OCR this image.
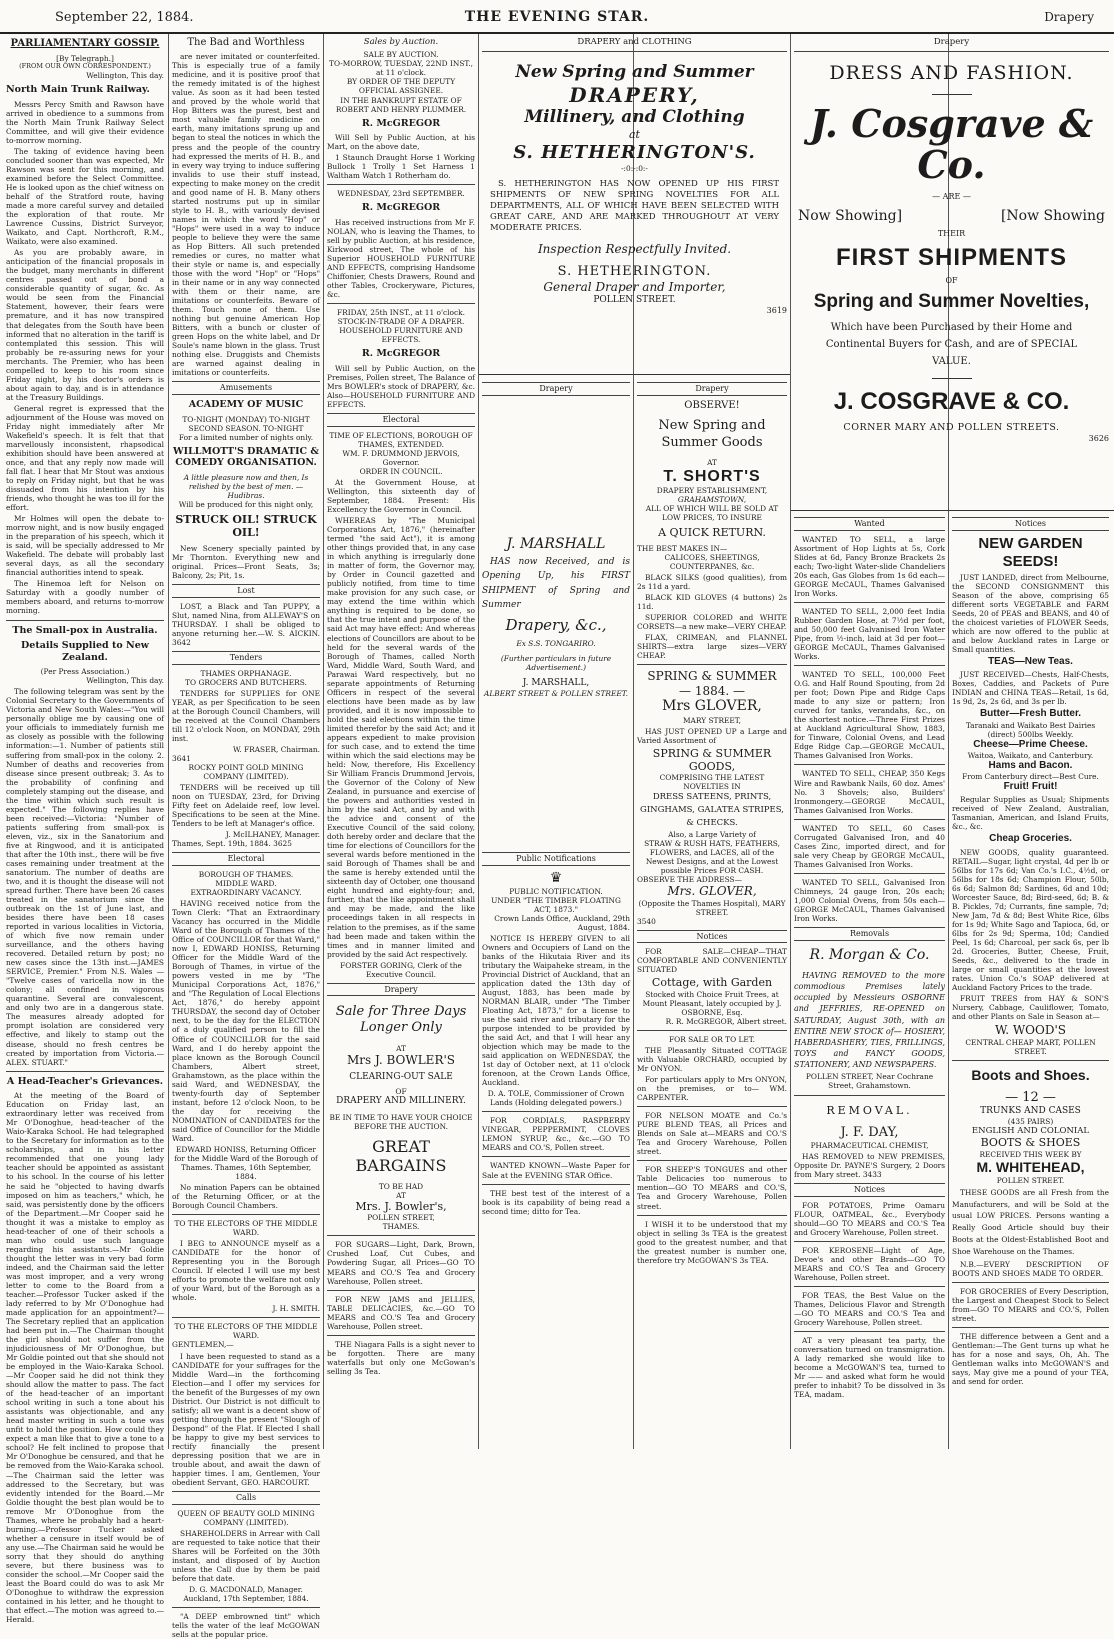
September 22, 1884.	THE EVENING STAR.	Drapery
PARLIAMENTARY GOSSIP.
[By Telegraph.]
(FROM OUR OWN CORRESPONDENT.)
Wellington, This day.
North Main Trunk Railway.

Messrs Percy Smith and Rawson have arrived in obedience to a summons from the North Main Trunk Railway Select Committee, and will give their evidence to-morrow morning.

The taking of evidence having been concluded sooner than was expected, Mr Rawson was sent for this morning, and examined before the Select Committee. He is looked upon as the chief witness on behalf of the Stratford route, having made a more careful survey and detailed the exploration of that route. Mr Lawrence Cussins, District Surveyor, Waikato, and Capt. Northcroft, R.M., Waikato, were also examined.

As you are probably aware, in anticipation of the financial proposals in the budget, many merchants in different centres passed out of bond a considerable quantity of sugar, &c. As would be seen from the Financial Statement, however, their fears were premature, and it has now transpired that delegates from the South have been informed that no alteration in the tariff is contemplated this session. This will probably be re-assuring news for your merchants. The Premier, who has been compelled to keep to his room since Friday night, by his doctor's orders is about again to day, and is in attendance at the Treasury Buildings.

General regret is expressed that the adjournment of the House was moved on Friday night immediately after Mr Wakefield's speech. It is felt that that marvellously inconsistent, rhapsodical exhibition should have been answered at once, and that any reply now made will fall flat. I hear that Mr Stout was anxious to reply on Friday night, but that he was dissuaded from his intention by his friends, who thought he was too ill for the effort.

Mr Holmes will open the debate to-morrow night, and is now busily engaged in the preparation of his speech, which it is said, will be specially addressed to Mr Wakefield. The debate will probably last several days, as all the secondary financial authorities intend to speak.

The Hinemoa left for Nelson on Saturday with a goodly number of members aboard, and returns to-morrow morning.

The Small-pox in Australia.
Details Supplied to New Zealand.
(Per Press Association.)
Wellington, This day.

The following telegram was sent by the Colonial Secretary to the Governments of Victoria and New South Wales:—"You will personally oblige me by causing one of your officials to immediately furnish me as closely as possible with the following information:—1. Number of patients still suffering from small-pox in the colony. 2. Number of deaths and recoveries from disease since present outbreak; 3. As to the probability of confining and completely stamping out the disease, and the time within which such result is expected." The following replies have been received:—Victoria: "Number of patients suffering from small-pox is eleven, viz., six in the Sanatorium and five at Ringwood, and it is anticipated that after the 10th inst., there will be five cases remaining under treatment at the sanatorium. The number of deaths are two, and it is thought the disease will not spread further. There have been 26 cases treated in the sanatorium since the outbreak on the 1st of June last, and besides there have been 18 cases reported in various localities in Victoria, of which five now remain under surveillance, and the others having recovered. Detailed return by post; no new cases since the 13th inst.—JAMES SERVICE, Premier." From N.S. Wales — "Twelve cases of varicella now in the colony; all confined in vigorous quarantine. Several are convalescent, and only two are in a dangerous state. The measures already adopted for prompt isolation are considered very effective, and likely to stamp out the disease, should no fresh centres be created by importation from Victoria.—ALEX. STUART."

A Head-Teacher's Grievances.

At the meeting of the Board of Education on Friday last, an extraordinary letter was received from Mr O'Donoghue, head-teacher of the Waio-Karaka School. He had telegraphed to the Secretary for information as to the scholarships, and in his letter recommended that one young lady teacher should be appointed as assistant to his school. In the course of his letter he said he "objected to having dwarfs imposed on him as teachers," which, he said, was persistently done by the officers of the Department.—Mr Cooper said he thought it was a mistake to employ as head-teacher of one of their schools a man who could use such language regarding his assistants.—Mr Goldie thought the letter was in very bad form indeed, and the Chairman said the letter was most improper, and a very wrong letter to come to the Board from a teacher.—Professor Tucker asked if the lady referred to by Mr O'Donoghue had made application for an appointment?—The Secretary replied that an application had been put in.—The Chairman thought the girl should not suffer from the injudiciousness of Mr O'Donoghue, but Mr Goldie pointed out that she should not be employed in the Waio-Karaka School.—Mr Cooper said he did not think they should allow the matter to pass. The fact of the head-teacher of an important school writing in such a tone about his assistants was objectionable, and any head master writing in such a tone was unfit to hold the position. How could they expect a man like that to give a tone to a school? He felt inclined to propose that Mr O'Donoghue be censured, and that he be removed from the Waio-Karaka school.—The Chairman said the letter was addressed to the Secretary, but was evidently intended for the Board.—Mr Goldie thought the best plan would be to remove Mr O'Donoghue from the Thames, where he probably had a heart-burning.—Professor Tucker asked whether a censure in itself would be of any use.—The Chairman said he would be sorry that they should do anything severe, but there business was to consider the school.—Mr Cooper said the least the Board could do was to ask Mr O'Donoghue to withdraw the expression contained in his letter, and he thought to that effect.—The motion was agreed to.—Herald.

The Bad and Worthless

are never imitated or counterfeited. This is especially true of a family medicine, and it is positive proof that the remedy imitated is of the highest value. As soon as it had been tested and proved by the whole world that Hop Bitters was the purest, best and most valuable family medicine on earth, many imitations sprung up and began to steal the notices in which the press and the people of the country had expressed the merits of H. B., and in every way trying to induce suffering invalids to use their stuff instead, expecting to make money on the credit and good name of H. B. Many others started nostrums put up in similar style to H. B., with variously devised names in which the word "Hop" or "Hops" were used in a way to induce people to believe they were the same as Hop Bitters. All such pretended remedies or cures, no matter what their style or name is, and especially those with the word "Hop" or "Hops" in their name or in any way connected with them or their name, are imitations or counterfeits. Beware of them. Touch none of them. Use nothing but genuine American Hop Bitters, with a bunch or cluster of green Hops on the white label, and Dr Soule's name blown in the glass. Trust nothing else. Druggists and Chemists are warned against dealing in imitations or counterfeits.

Amusements
ACADEMY OF MUSIC
TO-NIGHT (MONDAY) TO-NIGHT SECOND SEASON. TO-NIGHT
For a limited number of nights only.
WILLMOTT'S DRAMATIC & COMEDY ORGANISATION.
A little pleasure now and then, Is relished by the best of men. —Hudibras.
Will be produced for this night only,
STRUCK OIL! STRUCK OIL!

New Scenery specially painted by Mr Thornton. Everything new and original. Prices—Front Seats, 3s; Balcony, 2s; Pit, 1s.

Lost

LOST, a Black and Tan PUPPY, a Slut, named Nina, from ALLEWAY'S on THURSDAY. I shall be obliged to anyone returning her.—W. S. AICKIN. 3642

Tenders
THAMES ORPHANAGE.
TO GROCERS AND BUTCHERS.

TENDERS for SUPPLIES for ONE YEAR, as per Specification to be seen at the Borough Council Chambers, will be received at the Council Chambers till 12 o'clock Noon, on MONDAY, 29th inst.

W. FRASER, Chairman.
3641
ROCKY POINT GOLD MINING COMPANY (LIMITED).

TENDERS will be received up till noon on TUESDAY, 23rd, for Driving Fifty feet on Adelaide reef, low level. Specifications to be seen at the Mine. Tenders to be left at Manager's office.

J. McILHANEY, Manager.
Thames, Sept. 19th, 1884. 3625
Electoral
BOROUGH OF THAMES.
MIDDLE WARD.
EXTRAORDINARY VACANCY.

HAVING received notice from the Town Clerk: "That an Extraordinary Vacancy has occurred in the Middle Ward of the Borough of Thames of the Office of COUNCILLOR for that Ward," now I, EDWARD HONISS, Returning Officer for the Middle Ward of the Borough of Thames, in virtue of the powers vested in me by "The Municipal Corporations Act, 1876," and "The Regulation of Local Elections Act, 1876," do hereby appoint THURSDAY, the second day of October next, to be the day for the ELECTION of a duly qualified person to fill the Office of COUNCILLOR for the said Ward, and I do hereby appoint the place known as the Borough Council Chambers, Albert street, Grahamstown, as the place within the said Ward, and WEDNESDAY, the twenty-fourth day of September instant, before 12 o'clock Noon, to be the day for receiving the NOMINATION of CANDIDATES for the said Office of Councillor for the Middle Ward.

EDWARD HONISS, Returning Officer for the Middle Ward of the Borough of Thames. Thames, 16th September, 1884.

No mination Papers can be obtained of the Returning Officer, or at the Borough Council Chambers.

TO THE ELECTORS OF THE MIDDLE WARD.

I BEG to ANNOUNCE myself as a CANDIDATE for the honor of Representing you in the Borough Council. If elected I will use my best efforts to promote the welfare not only of your Ward, but of the Borough as a whole.

J. H. SMITH.
TO THE ELECTORS OF THE MIDDLE WARD.
GENTLEMEN,—

I have been requested to stand as a CANDIDATE for your suffrages for the Middle Ward—in the forthcoming Election—and I offer my services for the benefit of the Burgesses of my own District. Our District is not difficult to satisfy; all we want is a decent show of getting through the present "Slough of Despond" of the Flat. If Elected I shall be happy to give my best services to rectify financially the present depressing position that we are in trouble about, and await the dawn of happier times. I am, Gentlemen, Your obedient Servant, GEO. HARCOURT.

Calls
QUEEN OF BEAUTY GOLD MINING COMPANY (LIMITED).

SHAREHOLDERS in Arrear with Call are requested to take notice that their Shares will be Forfeited on the 30th instant, and disposed of by Auction unless the Call due by them be paid before that date.

D. G. MACDONALD, Manager. Auckland, 17th September, 1884.

"A DEEP embrowned tint" which tells the water of the leaf McGOWAN sells at the popular price.

Sales by Auction.
SALE BY AUCTION.
TO-MORROW, TUESDAY, 22ND INST., at 11 o'clock.
BY ORDER OF THE DEPUTY OFFICIAL ASSIGNEE.
IN THE BANKRUPT ESTATE OF ROBERT AND HENRY PLUMMER.
R. McGREGOR

Will Sell by Public Auction, at his Mart, on the above date,

1 Staunch Draught Horse 1 Working Bullock 1 Trolly 1 Set Harness 1 Waltham Watch 1 Rotherham do.

WEDNESDAY, 23rd SEPTEMBER.
R. McGREGOR

Has received instructions from Mr F. NOLAN, who is leaving the Thames, to sell by public Auction, at his residence, Kirkwood street, The whole of his Superior HOUSEHOLD FURNITURE AND EFFECTS, comprising Handsome Chiffonier, Chests Drawers, Round and other Tables, Crockeryware, Pictures, &c.

FRIDAY, 25th INST., at 11 o'clock.
STOCK-IN-TRADE OF A DRAPER.
HOUSEHOLD FURNITURE AND EFFECTS.
R. McGREGOR

Will sell by Public Auction, on the Premises, Pollen street, The Balance of Mrs BOWLER's stock of DRAPERY, &c. Also—HOUSEHOLD FURNITURE AND EFFECTS.

Electoral
TIME OF ELECTIONS, BOROUGH OF THAMES, EXTENDED.
WM. F. DRUMMOND JERVOIS, Governor.
ORDER IN COUNCIL.

At the Government House, at Wellington, this sixteenth day of September, 1884. Present: His Excellency the Governor in Council.

WHEREAS by "The Municipal Corporations Act, 1876," (hereinafter termed "the said Act"), it is among other things provided that, in any case in which anything is irregularly done in matter of form, the Governor may, by Order in Council gazetted and publicly notified, from time to time make provision for any such case, or may extend the time within which anything is required to be done, so that the true intent and purpose of the said Act may have effect: And whereas elections of Councillors are about to be held for the several wards of the Borough of Thames, called North Ward, Middle Ward, South Ward, and Parawai Ward respectively, but no separate appointments of Returning Officers in respect of the several elections have been made as by law provided, and it is now impossible to hold the said elections within the time limited therefor by the said Act; and it appears expedient to make provision for such case, and to extend the time within which the said elections may be held: Now, therefore, His Excellency Sir William Francis Drummond Jervois, the Governor of the Colony of New Zealand, in pursuance and exercise of the powers and authorities vested in him by the said Act, and by and with the advice and consent of the Executive Council of the said colony, doth hereby order and declare that the time for elections of Councillors for the several wards before mentioned in the said Borough of Thames shall be and the same is hereby extended until the sixteenth day of October, one thousand eight hundred and eighty-four; and, further, that the like appointment shall and may be made, and the like proceedings taken in all respects in relation to the premises, as if the same had been made and taken within the times and in manner limited and provided by the said Act respectively.

FORSTER GORING, Clerk of the Executive Council.
Drapery
Sale for Three Days Longer Only
AT
Mrs J. BOWLER'S
CLEARING-OUT SALE
OF
DRAPERY AND MILLINERY.
BE IN TIME TO HAVE YOUR CHOICE BEFORE THE AUCTION.
GREAT BARGAINS
TO BE HAD
AT
Mrs. J. Bowler's,
POLLEN STREET,
THAMES.

FOR SUGARS—Light, Dark, Brown, Crushed Loaf, Cut Cubes, and Powdering Sugar, all Prices—GO TO MEARS and CO.'S Tea and Grocery Warehouse, Pollen street.

FOR NEW JAMS and JELLIES, TABLE DELICACIES, &c.—GO TO MEARS and CO.'S Tea and Grocery Warehouse, Pollen street.

THE Niagara Falls is a sight never to be forgotten. There are many waterfalls but only one McGowan's selling 3s Tea.

DRAPERY and CLOTHING
New Spring and Summer
DRAPERY,
Millinery, and Clothing
at
S. HETHERINGTON'S.
-:0:-:0:-

S. HETHERINGTON HAS NOW OPENED UP HIS FIRST SHIPMENTS OF NEW SPRING NOVELTIES FOR ALL DEPARTMENTS, ALL OF WHICH HAVE BEEN SELECTED WITH GREAT CARE, AND ARE MARKED THROUGHOUT AT VERY MODERATE PRICES.

Inspection Respectfully Invited.
S. HETHERINGTON.
General Draper and Importer,
POLLEN STREET.
3619
Drapery
J. MARSHALL

HAS now Received, and is Opening Up, his FIRST SHIPMENT of Spring and Summer

Drapery, &c.,
Ex S.S. TONGARIRO.
(Further particulars in future Advertisement.)
J. MARSHALL,
ALBERT STREET & POLLEN STREET.
Public Notifications
♛
PUBLIC NOTIFICATION.
UNDER "THE TIMBER FLOATING ACT, 1873."
Crown Lands Office, Auckland, 29th August, 1884.

NOTICE IS HEREBY GIVEN to all Owners and Occupiers of Land on the banks of the Hikutaia River and its tributary the Waipaheke stream, in the Provincial District of Auckland, that an application dated the 13th day of August, 1883, has been made by NORMAN BLAIR, under "The Timber Floating Act, 1873," for a license to use the said river and tributary for the purpose intended to be provided by the said Act, and that I will hear any objection which may be made to the said application on WEDNESDAY, the 1st day of October next, at 11 o'clock forenoon, at the Crown Lands Office, Auckland.

D. A. TOLE, Commissioner of Crown Lands (Holding delegated powers.)

FOR CORDIALS, RASPBERRY VINEGAR, PEPPERMINT, CLOVES LEMON SYRUP, &c., &c.—GO TO MEARS and CO.'S, Pollen street.

WANTED KNOWN—Waste Paper for Sale at the EVENING STAR Office.

THE best test of the interest of a book is its capability of being read a second time; ditto for Tea.

Drapery
OBSERVE!
New Spring and Summer Goods
AT
T. SHORT'S
DRAPERY ESTABLISHMENT,
GRAHAMSTOWN,
ALL OF WHICH WILL BE SOLD AT LOW PRICES, TO INSURE
A QUICK RETURN.
THE BEST MAKES IN—
CALICOES, SHEETINGS, COUNTERPANES, &c.

BLACK SILKS (good qualities), from 2s 11d a yard.

BLACK KID GLOVES (4 buttons) 2s 11d.

SUPERIOR COLORED and WHITE CORSETS—a new make—VERY CHEAP.

FLAX, CRIMEAN, and FLANNEL SHIRTS—extra large sizes—VERY CHEAP.

SPRING & SUMMER
— 1884. —
Mrs GLOVER,
MARY STREET,

HAS JUST OPENED UP a Large and Varied Assortment of

SPRING & SUMMER GOODS,
COMPRISING THE LATEST NOVELTIES IN
DRESS SATEENS, PRINTS, GINGHAMS, GALATEA STRIPES, & CHECKS.
Also, a Large Variety of
STRAW & RUSH HATS, FEATHERS, FLOWERS, and LACES, all of the Newest Designs, and at the Lowest possible Prices FOR CASH.
OBSERVE THE ADDRESS—
Mrs. GLOVER,
(Opposite the Thames Hospital), MARY STREET.
3540
Notices

FOR SALE—CHEAP—THAT COMFORTABLE AND CONVENIENTLY SITUATED

Cottage, with Garden
Stocked with Choice Fruit Trees, at Mount Pleasant, lately occupied by J. OSBORNE, Esq.
R. R. McGREGOR, Albert street.
FOR SALE OR TO LET.

THE Pleasantly Situated COTTAGE with Valuable ORCHARD, occupied by Mr ONYON.

For particulars apply to Mrs ONYON, on the premises, or to— WM. CARPENTER.

FOR NELSON MOATE and Co.'s PURE BLEND TEAS, all Prices and Blends on Sale at—MEARS and CO.'S Tea and Grocery Warehouse, Pollen street.

FOR SHEEP'S TONGUES and other Table Delicacies too numerous to mention—GO TO MEARS and CO.'S, Tea and Grocery Warehouse, Pollen street.

I WISH it to be understood that my object in selling 3s TEA is the greatest good to the greatest number, and that the greatest number is number one, therefore try McGOWAN'S 3s TEA.

Drapery
DRESS AND FASHION.
J. Cosgrave & Co.
— ARE —
Now Showing]	[Now Showing
THEIR
FIRST SHIPMENTS
OF
Spring and Summer Novelties,

Which have been Purchased by their Home and Continental Buyers for Cash, and are of SPECIAL VALUE.

J. COSGRAVE & CO.
CORNER MARY AND POLLEN STREETS.
3626
Wanted

WANTED TO SELL, a large Assortment of Hop Lights at 5s, Cork Slides at 6d, Fancy Bronze Brackets 2s each; Two-light Water-slide Chandeliers 20s each, Gas Globes from 1s 6d each—GEORGE McCAUL, Thames Galvanised Iron Works.

WANTED TO SELL, 2,000 feet India Rubber Garden Hose, at 7½d per foot, and 50,000 feet Galvanised Iron Water Pipe, from ½-inch, laid at 3d per foot—GEORGE McCAUL, Thames Galvanised Works.

WANTED TO SELL, 100,000 Feet O.G. and Half Round Spouting, from 2d per foot; Down Pipe and Ridge Caps made to any size or pattern; Iron curved for tanks, verandahs, &c., on the shortest notice.—Three First Prizes at Auckland Agricultural Show, 1883, for Tinware, Colonial Ovens, and Lead Edge Ridge Cap.—GEORGE McCAUL, Thames Galvanised Iron Works.

WANTED TO SELL, CHEAP, 350 Kegs Wire and Rawbank Nails, 60 doz. Ames' No. 3 Shovels; also, Builders' Ironmongery.—GEORGE McCAUL, Thames Galvanised Iron Works.

WANTED TO SELL, 60 Cases Corrugated Galvanised Iron, and 40 Cases Zinc, imported direct, and for sale very Cheap by GEORGE McCAUL, Thames Galvanised Iron Works.

WANTED TO SELL, Galvanised Iron Chimneys, 24 gauge Iron, 20s each; 1,000 Colonial Ovens, from 50s each—GEORGE McCAUL, Thames Galvanised Iron Works.

Removals
R. Morgan & Co.

HAVING REMOVED to the more commodious Premises lately occupied by Messieurs OSBORNE and JEFFRIES, RE-OPENED on SATURDAY, August 30th, with an ENTIRE NEW STOCK of— HOSIERY, HABERDASHERY, TIES, FRILLINGS, TOYS and FANCY GOODS, STATIONERY, AND NEWSPAPERS.

POLLEN STREET, Near Cochrane Street, Grahamstown.
REMOVAL.
J. F. DAY,
PHARMACEUTICAL CHEMIST,

HAS REMOVED to NEW PREMISES, Opposite Dr. PAYNE'S Surgery, 2 Doors from Mary street. 3433

Notices

FOR POTATOES, Prime Oamaru FLOUR, OATMEAL, &c., Everybody should—GO TO MEARS and CO.'S Tea and Grocery Warehouse, Pollen street.

FOR KEROSENE—Light of Age, Devoe's and other Brands—GO TO MEARS and CO.'S Tea and Grocery Warehouse, Pollen street.

FOR TEAS, the Best Value on the Thames, Delicious Flavor and Strength—GO TO MEARS and CO.'S Tea and Grocery Warehouse, Pollen street.

AT a very pleasant tea party, the conversation turned on transmigration. A lady remarked she would like to become a McGOWAN'S tea, turned to Mr —— and asked what form he would prefer to inhabit? To be dissolved in 3s TEA, madam.

Notices
NEW GARDEN SEEDS!

JUST LANDED, direct from Melbourne, the SECOND CONSIGNMENT this Season of the above, comprising 65 different sorts VEGETABLE and FARM Seeds, 20 of PEAS and BEANS, and 40 of the choicest varieties of FLOWER Seeds, which are now offered to the public at and below Auckland rates in Large or Small quantities.

TEAS—New Teas.

JUST RECEIVED—Chests, Half-Chests, Boxes, Caddies, and Packets of Pure INDIAN and CHINA TEAS—Retail, 1s 6d, 1s 9d, 2s, 2s 6d, and 3s per lb.

Butter—Fresh Butter.
Taranaki and Waikato Best Dairies (direct) 500lbs Weekly.
Cheese—Prime Cheese.
Waitoa, Waikato, and Canterbury.
Hams and Bacon.
From Canterbury direct—Best Cure.
Fruit! Fruit!

Regular Supplies as Usual; Shipments received of New Zealand, Australian, Tasmanian, American, and Island Fruits, &c., &c.

Cheap Groceries.

NEW GOODS, quality guaranteed. RETAIL—Sugar, light crystal, 4d per lb or 56lbs for 17s 6d; Van Co.'s I.C., 4½d, or 56lbs for 18s 6d; Champion Flour, 50lb, 6s 6d; Salmon 8d; Sardines, 6d and 10d; Worcester Sauce, 8d; Bird-seed, 6d; B. & B. Pickles, 7d; Currants, fine sample, 7d; New Jam, 7d & 8d; Best White Rice, 6lbs for 1s 9d; White Sago and Tapioca, 6d, or 6lbs for 2s 9d; Sperma, 10d; Candied Peel, 1s 6d; Charcoal, per sack 6s, per lb 2d. Groceries, Butter, Cheese, Fruit, Seeds, &c., delivered to the trade in large or small quantities at the lowest rates. Union Co.'s SOAP delivered at Auckland Factory Prices to the trade.

FRUIT TREES from HAY & SON'S Nursery, Cabbage, Cauliflower, Tomato, and other Plants on Sale in Season at—

W. WOOD'S
CENTRAL CHEAP MART, POLLEN STREET.
Boots and Shoes.
— 12 —
TRUNKS AND CASES
(435 PAIRS)
ENGLISH AND COLONIAL
BOOTS & SHOES
RECEIVED THIS WEEK BY
M. WHITEHEAD,
POLLEN STREET.

THESE GOODS are all Fresh from the Manufacturers, and will be Sold at the usual LOW PRICES. Persons wanting a Really Good Article should buy their Boots at the Oldest-Established Boot and Shoe Warehouse on the Thames.

N.B.—EVERY DESCRIPTION OF BOOTS AND SHOES MADE TO ORDER.

FOR GROCERIES of Every Description, the Largest and Cheapest Stock to Select from—GO TO MEARS and CO.'S, Pollen street.

THE difference between a Gent and a Gentleman:—The Gent turns up what he has for a nose and says, Oh, Ah. The Gentleman walks into McGOWAN'S and says, May give me a pound of your TEA, and send for order.
